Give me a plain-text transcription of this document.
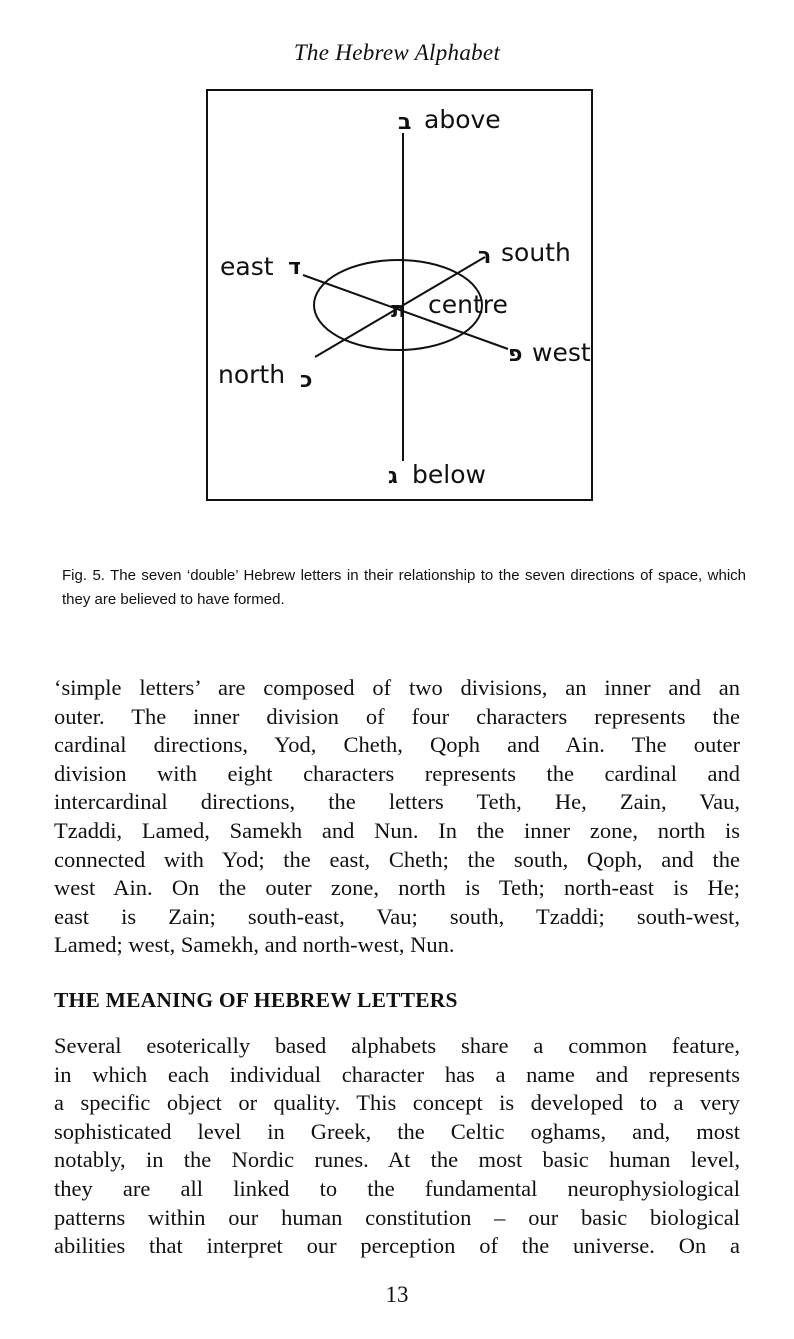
The Hebrew Alphabet
ב above
ג below
east ד	ר south
פ west
north כ
ת centre
Fig. 5. The seven ‘double’ Hebrew letters in their relationship to the seven directions of space, which they are believed to have formed.
‘simple letters’ are composed of two divisions, an inner and an
outer. The inner division of four characters represents the
cardinal directions, Yod, Cheth, Qoph and Ain. The outer
division with eight characters represents the cardinal and
intercardinal directions, the letters Teth, He, Zain, Vau,
Tzaddi, Lamed, Samekh and Nun. In the inner zone, north is
connected with Yod; the east, Cheth; the south, Qoph, and the
west Ain. On the outer zone, north is Teth; north-east is He;
east is Zain; south-east, Vau; south, Tzaddi; south-west,
Lamed; west, Samekh, and north-west, Nun.
THE MEANING OF HEBREW LETTERS
Several esoterically based alphabets share a common feature,
in which each individual character has a name and represents
a specific object or quality. This concept is developed to a very
sophisticated level in Greek, the Celtic oghams, and, most
notably, in the Nordic runes. At the most basic human level,
they are all linked to the fundamental neurophysiological
patterns within our human constitution – our basic biological
abilities that interpret our perception of the universe. On a
13
